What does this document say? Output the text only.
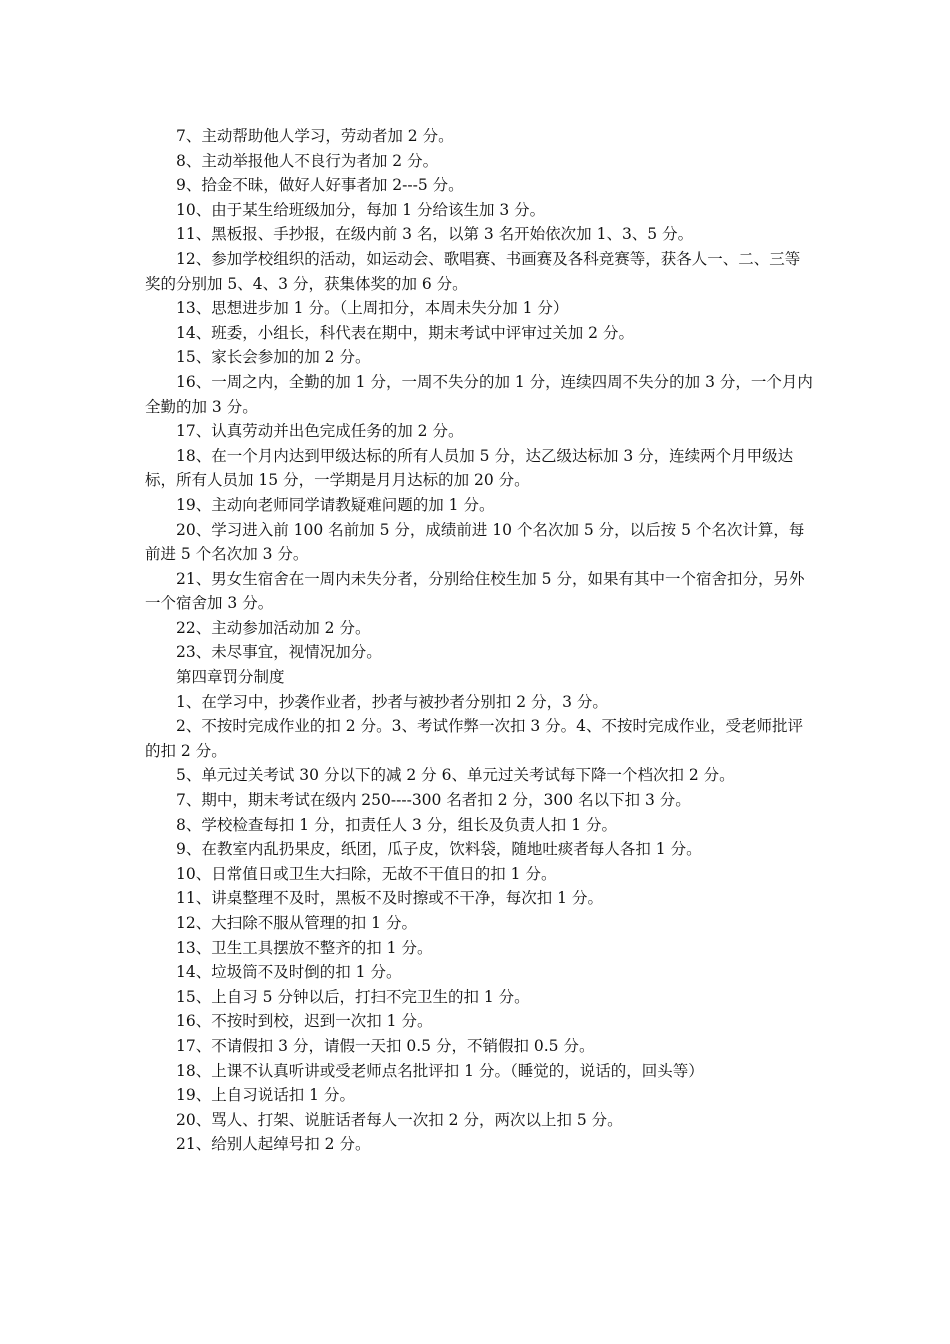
7、主动帮助他人学习，劳动者加 2 分。

8、主动举报他人不良行为者加 2 分。

9、拾金不昧，做好人好事者加 2---5 分。

10、由于某生给班级加分，每加 1 分给该生加 3 分。

11、黑板报、手抄报，在级内前 3 名，以第 3 名开始依次加 1、3、5 分。

12、参加学校组织的活动，如运动会、歌唱赛、书画赛及各科竞赛等，获各人一、二、三等奖的分别加 5、4、3 分，获集体奖的加 6 分。

13、思想进步加 1 分。（上周扣分，本周未失分加 1 分）

14、班委，小组长，科代表在期中，期末考试中评审过关加 2 分。

15、家长会参加的加 2 分。

16、一周之内，全勤的加 1 分，一周不失分的加 1 分，连续四周不失分的加 3 分，一个月内全勤的加 3 分。

17、认真劳动并出色完成任务的加 2 分。

18、在一个月内达到甲级达标的所有人员加 5 分，达乙级达标加 3 分，连续两个月甲级达标，所有人员加 15 分，一学期是月月达标的加 20 分。

19、主动向老师同学请教疑难问题的加 1 分。

20、学习进入前 100 名前加 5 分，成绩前进 10 个名次加 5 分，以后按 5 个名次计算，每前进 5 个名次加 3 分。

21、男女生宿舍在一周内未失分者，分别给住校生加 5 分，如果有其中一个宿舍扣分，另外一个宿舍加 3 分。

22、主动参加活动加 2 分。

23、未尽事宜，视情况加分。

第四章罚分制度

1、在学习中，抄袭作业者，抄者与被抄者分别扣 2 分，3 分。

2、不按时完成作业的扣 2 分。3、考试作弊一次扣 3 分。4、不按时完成作业，受老师批评的扣 2 分。

5、单元过关考试 30 分以下的减 2 分 6、单元过关考试每下降一个档次扣 2 分。

7、期中，期末考试在级内 250----300 名者扣 2 分，300 名以下扣 3 分。

8、学校检查每扣 1 分，扣责任人 3 分，组长及负责人扣 1 分。

9、在教室内乱扔果皮，纸团，瓜子皮，饮料袋，随地吐痰者每人各扣 1 分。

10、日常值日或卫生大扫除，无故不干值日的扣 1 分。

11、讲桌整理不及时，黑板不及时擦或不干净，每次扣 1 分。

12、大扫除不服从管理的扣 1 分。

13、卫生工具摆放不整齐的扣 1 分。

14、垃圾筒不及时倒的扣 1 分。

15、上自习 5 分钟以后，打扫不完卫生的扣 1 分。

16、不按时到校，迟到一次扣 1 分。

17、不请假扣 3 分，请假一天扣 0.5 分，不销假扣 0.5 分。

18、上课不认真听讲或受老师点名批评扣 1 分。（睡觉的，说话的，回头等）

19、上自习说话扣 1 分。

20、骂人、打架、说脏话者每人一次扣 2 分，两次以上扣 5 分。

21、给别人起绰号扣 2 分。
